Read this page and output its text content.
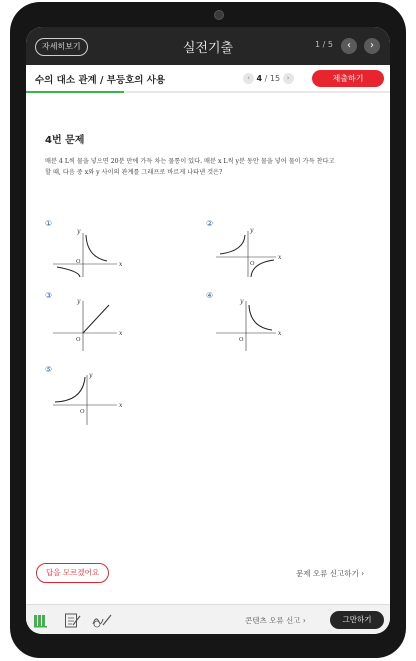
자세히보기	실전기출	1 / 5	‹	›
수의 대소 관계 / 부등호의 사용	‹ 4 / 15 ›	제출하기
4번 문제
매분 4 L씩 물을 넣으면 20분 만에 가득 차는 물통이 있다. 매분 x L씩 y분 동안 물을 넣어 물이 가득 찬다고
할 때, 다음 중 x와 y 사이의 관계를 그래프로 바르게 나타낸 것은?
①
x
y
O
②
x
y
O
③
x
y
O
④
x
y
O
⑤
x
y
O
답을 모르겠어요	문제 오류 신고하기 ›
콘텐츠 오류 신고 ›	그만하기
